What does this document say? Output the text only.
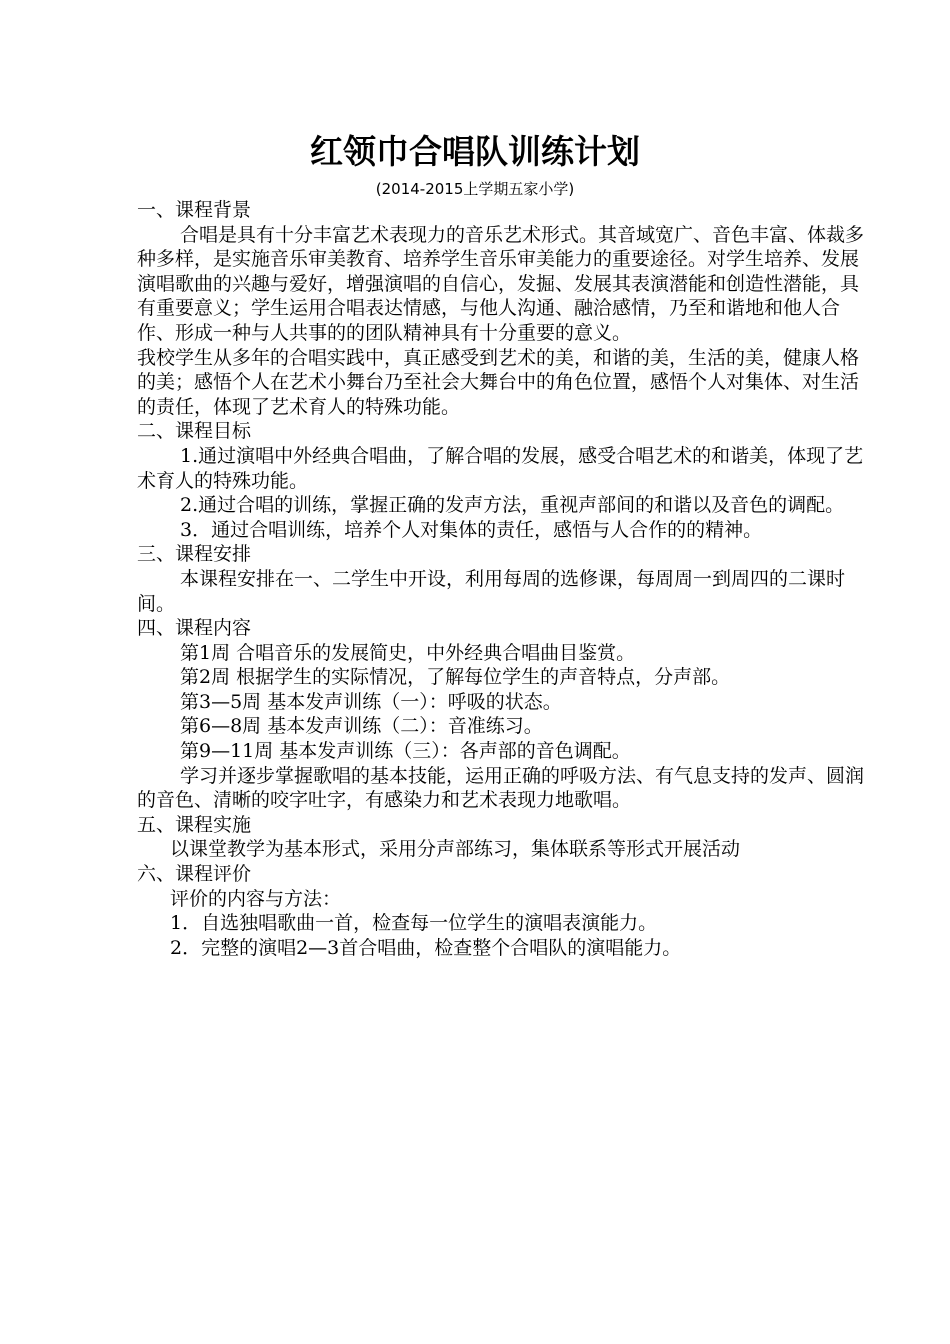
红领巾合唱队训练计划
(2014-2015上学期五家小学)

一、课程背景

合唱是具有十分丰富艺术表现力的音乐艺术形式。其音域宽广、音色丰富、体裁多种多样，是实施音乐审美教育、培养学生音乐审美能力的重要途径。对学生培养、发展演唱歌曲的兴趣与爱好，增强演唱的自信心，发掘、发展其表演潜能和创造性潜能，具有重要意义；学生运用合唱表达情感，与他人沟通、融洽感情，乃至和谐地和他人合作、形成一种与人共事的的团队精神具有十分重要的意义。

我校学生从多年的合唱实践中，真正感受到艺术的美，和谐的美，生活的美，健康人格的美；感悟个人在艺术小舞台乃至社会大舞台中的角色位置，感悟个人对集体、对生活的责任，体现了艺术育人的特殊功能。

二、课程目标

1.通过演唱中外经典合唱曲，了解合唱的发展，感受合唱艺术的和谐美，体现了艺术育人的特殊功能。

2.通过合唱的训练，掌握正确的发声方法，重视声部间的和谐以及音色的调配。

3．通过合唱训练，培养个人对集体的责任，感悟与人合作的的精神。

三、课程安排

本课程安排在一、二学生中开设，利用每周的选修课，每周周一到周四的二课时间。

四、课程内容

第1周 合唱音乐的发展简史，中外经典合唱曲目鉴赏。

第2周 根据学生的实际情况，了解每位学生的声音特点，分声部。

第3—5周 基本发声训练（一）：呼吸的状态。

第6—8周 基本发声训练（二）：音准练习。

第9—11周 基本发声训练（三）：各声部的音色调配。

学习并逐步掌握歌唱的基本技能，运用正确的呼吸方法、有气息支持的发声、圆润的音色、清晰的咬字吐字，有感染力和艺术表现力地歌唱。

五、课程实施

以课堂教学为基本形式，采用分声部练习，集体联系等形式开展活动

六、课程评价

评价的内容与方法：

1．自选独唱歌曲一首，检查每一位学生的演唱表演能力。

2．完整的演唱2—3首合唱曲，检查整个合唱队的演唱能力。
